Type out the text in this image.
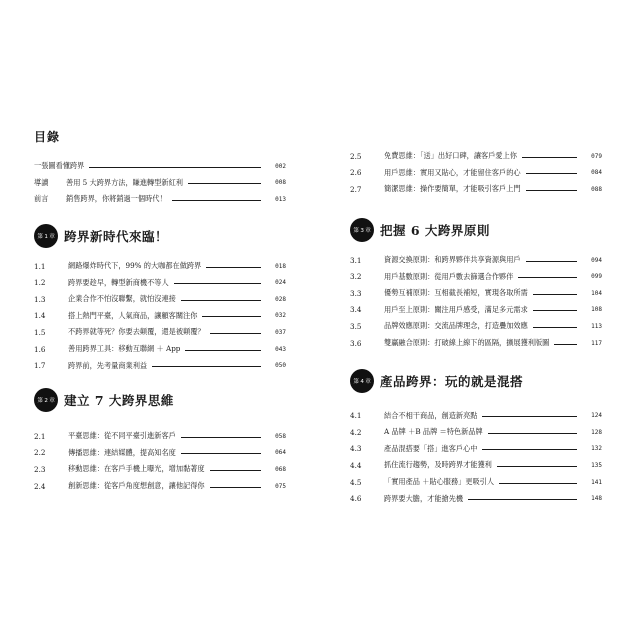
目錄
一張圖看懂跨界	002
導讀	善用 5 大跨界方法，賺進轉型新紅利	008
前言	銷售跨界，你將銷過一個時代！	013
第 1 章 跨界新時代來臨！
1.1	網路爆炸時代下，99% 的大咖都在做跨界	018
1.2	跨界要趁早，轉型新商機不等人	024
1.3	企業合作不怕沒聯繫，就怕沒連接	028
1.4	搭上熱門平臺，人氣商品，讓顧客關注你	032
1.5	不跨界就等死？你要去顛覆，還是被顛覆？	037
1.6	善用跨界工具：移動互聯網 ＋ App	043
1.7	跨界前，先考量商業利益	050
第 2 章 建立 7 大跨界思維
2.1	平臺思維：從不同平臺引進新客戶	058
2.2	傳播思維：連結媒體，提高知名度	064
2.3	移動思維：在客戶手機上曝光，增加黏著度	068
2.4	創新思維：從客戶角度想創意，讓他記得你	075
2.5	免費思維：「送」出好口碑，讓客戶愛上你	079
2.6	用戶思維：實用又貼心，才能留住客戶的心	084
2.7	簡潔思維：操作要簡單，才能吸引客戶上門	088
第 3 章 把握 6 大跨界原則
3.1	資源交換原則：和跨界夥伴共享資源與用戶	094
3.2	用戶基數原則：從用戶數去篩選合作夥伴	099
3.3	優勢互補原則：互相截長補短，實現各取所需	104
3.4	用戶至上原則：關注用戶感受，滿足多元需求	108
3.5	品牌效應原則：交流品牌理念，打造疊加效應	113
3.6	雙贏融合原則：打破線上線下的區隔，擴展獲利版圖	117
第 4 章 產品跨界：玩的就是混搭
4.1	結合不相干商品，創造新亮點	124
4.2	A 品牌 ＋B 品牌 ＝特色新品牌	128
4.3	產品混搭要「搭」進客戶心中	132
4.4	抓住流行趨勢，及時跨界才能獲利	135
4.5	「實用產品 ＋貼心服務」更吸引人	141
4.6	跨界要大膽，才能搶先機	148
